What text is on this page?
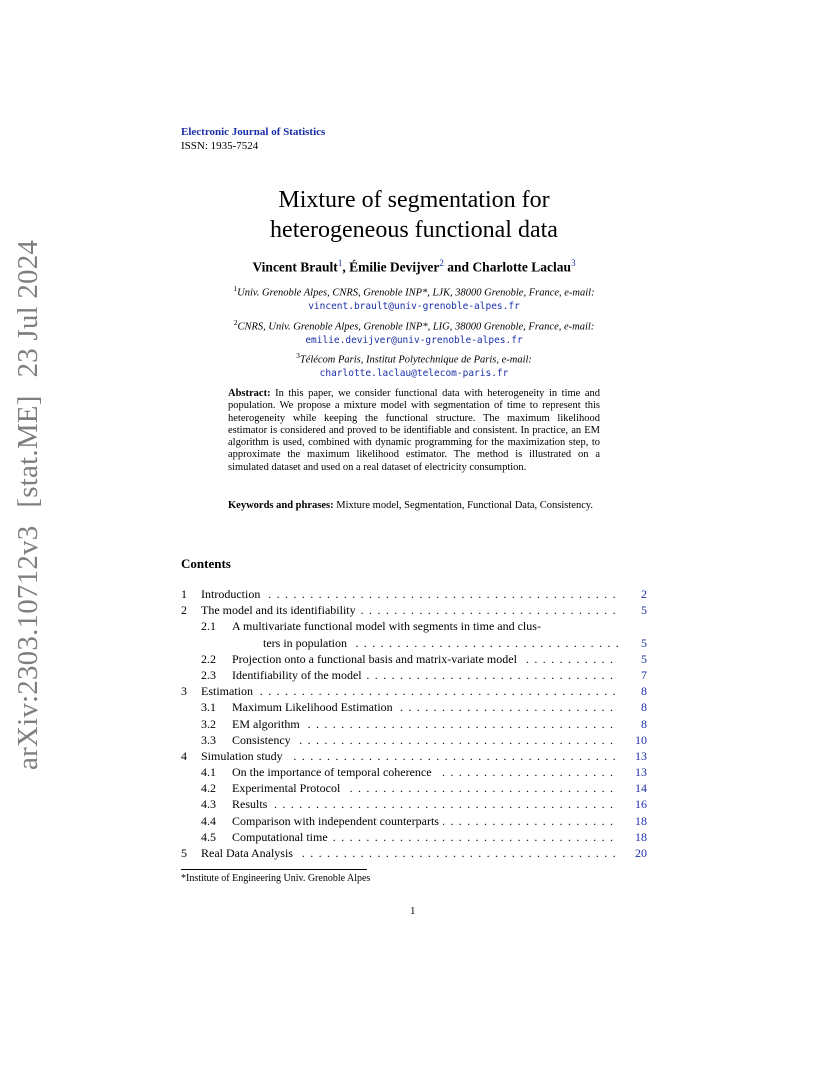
arXiv:2303.10712v3[stat.ME]23 Jul 2024
Electronic Journal of Statistics
ISSN: 1935-7524
Mixture of segmentation for
heterogeneous functional data
Vincent Brault$^1$, Émilie Devijver$^2$ and Charlotte Laclau$^3$
$^1$Univ. Grenoble Alpes, CNRS, Grenoble INP*, LJK, 38000 Grenoble, France, e-mail:
vincent.brault@univ-grenoble-alpes.fr
$^2$CNRS, Univ. Grenoble Alpes, Grenoble INP*, LIG, 38000 Grenoble, France, e-mail:
emilie.devijver@univ-grenoble-alpes.fr
$^3$Télécom Paris, Institut Polytechnique de Paris, e-mail:
charlotte.laclau@telecom-paris.fr
Abstract: In this paper, we consider functional data with heterogeneity in time and population. We propose a mixture model with segmentation of time to represent this heterogeneity while keeping the functional structure. The maximum likelihood estimator is considered and proved to be identifiable and consistent. In practice, an EM algorithm is used, combined with dynamic programming for the maximization step, to approximate the maximum likelihood estimator. The method is illustrated on a simulated dataset and used on a real dataset of electricity consumption.
Keywords and phrases: Mixture model, Segmentation, Functional Data, Consistency.
Contents
1 Introduction . . .	2
2 The model and its identifiability . . .	5
2.1 A multivariate functional model with segments in time and clus-
ters in population . . .	5
2.2 Projection onto a functional basis and matrix-variate model . . .	5
2.3 Identifiability of the model . . .	7
3 Estimation . . .	8
3.1 Maximum Likelihood Estimation . . .	8
3.2 EM algorithm . . .	8
3.3 Consistency . . .	10
4 Simulation study . . .	13
4.1 On the importance of temporal coherence . . .	13
4.2 Experimental Protocol . . .	14
4.3 Results . . .	16
4.4 Comparison with independent counterparts . . .	18
4.5 Computational time . . .	18
5 Real Data Analysis . . .	20
*Institute of Engineering Univ. Grenoble Alpes
1
